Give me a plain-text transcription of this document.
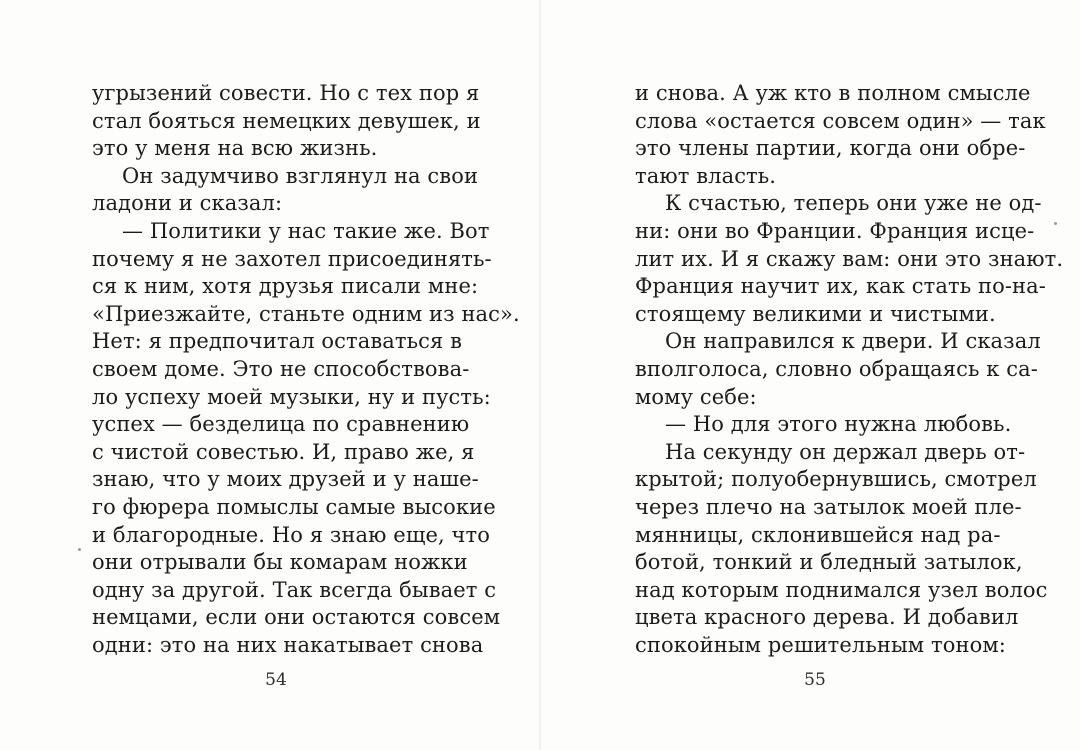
угрызений совести. Но с тех пор я
стал бояться немецких девушек, и
это у меня на всю жизнь.
Он задумчиво взглянул на свои
ладони и сказал:
— Политики у нас такие же. Вот
почему я не захотел присоединять-
ся к ним, хотя друзья писали мне:
«Приезжайте, станьте одним из нас».
Нет: я предпочитал оставаться в
своем доме. Это не способствова-
ло успеху моей музыки, ну и пусть:
успех — безделица по сравнению
с чистой совестью. И, право же, я
знаю, что у моих друзей и у наше-
го фюрера помыслы самые высокие
и благородные. Но я знаю еще, что
они отрывали бы комарам ножки
одну за другой. Так всегда бывает с
немцами, если они остаются совсем
одни: это на них накатывает снова
54
и снова. А уж кто в полном смысле
слова «остается совсем один» — так
это члены партии, когда они обре-
тают власть.
К счастью, теперь они уже не од-
ни: они во Франции. Франция исце-
лит их. И я скажу вам: они это знают.
Франция научит их, как стать по-на-
стоящему великими и чистыми.
Он направился к двери. И сказал
вполголоса, словно обращаясь к са-
мому себе:
— Но для этого нужна любовь.
На секунду он держал дверь от-
крытой; полуобернувшись, смотрел
через плечо на затылок моей пле-
мянницы, склонившейся над ра-
ботой, тонкий и бледный затылок,
над которым поднимался узел волос
цвета красного дерева. И добавил
спокойным решительным тоном:
55
